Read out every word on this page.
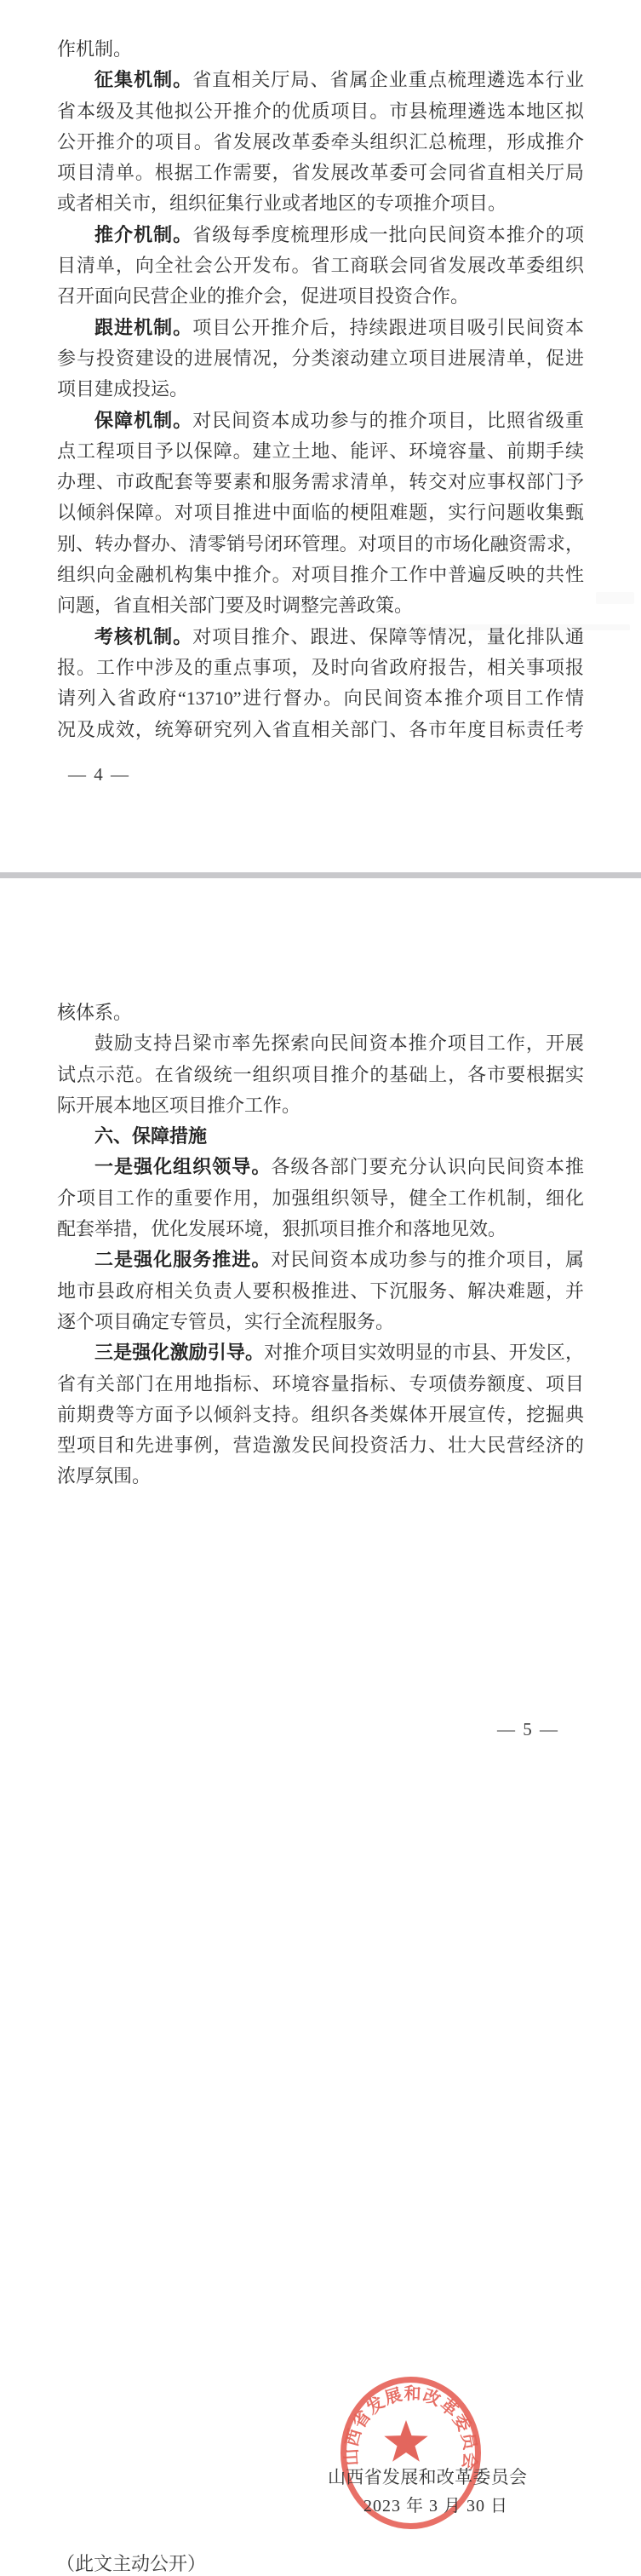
作机制。
征集机制。省直相关厅局、省属企业重点梳理遴选本行业
省本级及其他拟公开推介的优质项目。市县梳理遴选本地区拟
公开推介的项目。省发展改革委牵头组织汇总梳理，形成推介
项目清单。根据工作需要，省发展改革委可会同省直相关厅局
或者相关市，组织征集行业或者地区的专项推介项目。
推介机制。省级每季度梳理形成一批向民间资本推介的项
目清单，向全社会公开发布。省工商联会同省发展改革委组织
召开面向民营企业的推介会，促进项目投资合作。
跟进机制。项目公开推介后，持续跟进项目吸引民间资本
参与投资建设的进展情况，分类滚动建立项目进展清单，促进
项目建成投运。
保障机制。对民间资本成功参与的推介项目，比照省级重
点工程项目予以保障。建立土地、能评、环境容量、前期手续
办理、市政配套等要素和服务需求清单，转交对应事权部门予
以倾斜保障。对项目推进中面临的梗阻难题，实行问题收集甄
别、转办督办、清零销号闭环管理。对项目的市场化融资需求，
组织向金融机构集中推介。对项目推介工作中普遍反映的共性
问题，省直相关部门要及时调整完善政策。
考核机制。对项目推介、跟进、保障等情况，量化排队通
报。工作中涉及的重点事项，及时向省政府报告，相关事项报
请列入省政府“13710”进行督办。向民间资本推介项目工作情
况及成效，统筹研究列入省直相关部门、各市年度目标责任考
— 4 —
核体系。
鼓励支持吕梁市率先探索向民间资本推介项目工作，开展
试点示范。在省级统一组织项目推介的基础上，各市要根据实
际开展本地区项目推介工作。
六、保障措施
一是强化组织领导。各级各部门要充分认识向民间资本推
介项目工作的重要作用，加强组织领导，健全工作机制，细化
配套举措，优化发展环境，狠抓项目推介和落地见效。
二是强化服务推进。对民间资本成功参与的推介项目，属
地市县政府相关负责人要积极推进、下沉服务、解决难题，并
逐个项目确定专管员，实行全流程服务。
三是强化激励引导。对推介项目实效明显的市县、开发区，
省有关部门在用地指标、环境容量指标、专项债券额度、项目
前期费等方面予以倾斜支持。组织各类媒体开展宣传，挖掘典
型项目和先进事例，营造激发民间投资活力、壮大民营经济的
浓厚氛围。
山西省发展和改革委员会
山西省发展和改革委员会
2023 年 3 月 30 日
（此文主动公开）
— 5 —
